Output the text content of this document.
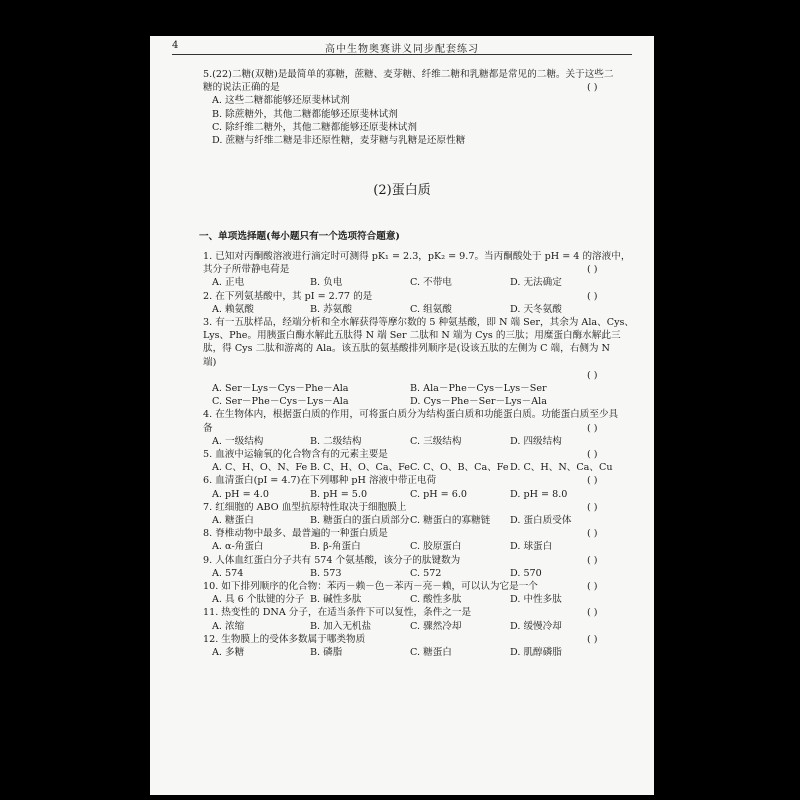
4	高中生物奥赛讲义同步配套练习
5.(22)二糖(双糖)是最简单的寡糖，蔗糖、麦芽糖、纤维二糖和乳糖都是常见的二糖。关于这些二
糖的说法正确的是	( )
A. 这些二糖都能够还原斐林试剂
B. 除蔗糖外，其他二糖都能够还原斐林试剂
C. 除纤维二糖外，其他二糖都能够还原斐林试剂
D. 蔗糖与纤维二糖是非还原性糖，麦芽糖与乳糖是还原性糖
(2)蛋白质
一、单项选择题(每小题只有一个选项符合题意)
1. 已知对丙酮酸溶液进行滴定时可测得 pK₁ = 2.3，pK₂ = 9.7。当丙酮酸处于 pH = 4 的溶液中，
其分子所带静电荷是	( )
A. 正电	B. 负电	C. 不带电	D. 无法确定
2. 在下列氨基酸中，其 pI = 2.77 的是	( )
A. 赖氨酸	B. 苏氨酸	C. 组氨酸	D. 天冬氨酸
3. 有一五肽样品，经端分析和全水解获得等摩尔数的 5 种氨基酸，即 N 端 Ser，其余为 Ala、Cys、
Lys、Phe。用胰蛋白酶水解此五肽得 N 端 Ser 二肽和 N 端为 Cys 的三肽；用糜蛋白酶水解此三
肽，得 Cys 二肽和游离的 Ala。该五肽的氨基酸排列顺序是(设该五肽的左侧为 C 端，右侧为 N
端)
( )
A. Ser－Lys－Cys－Phe－Ala	B. Ala－Phe－Cys－Lys－Ser
C. Ser－Phe－Cys－Lys－Ala	D. Cys－Phe－Ser－Lys－Ala
4. 在生物体内，根据蛋白质的作用，可将蛋白质分为结构蛋白质和功能蛋白质。功能蛋白质至少具
备	( )
A. 一级结构	B. 二级结构	C. 三级结构	D. 四级结构
5. 血液中运输氧的化合物含有的元素主要是	( )
A. C、H、O、N、Fe B. C、H、O、Ca、Fe C. C、O、B、Ca、Fe D. C、H、N、Ca、Cu
6. 血清蛋白(pI = 4.7)在下列哪种 pH 溶液中带正电荷	( )
A. pH = 4.0	B. pH = 5.0	C. pH = 6.0	D. pH = 8.0
7. 红细胞的 ABO 血型抗原特性取决于细胞膜上	( )
A. 糖蛋白	B. 糖蛋白的蛋白质部分 C. 糖蛋白的寡糖链 D. 蛋白质受体
8. 脊椎动物中最多、最普遍的一种蛋白质是	( )
A. α-角蛋白	B. β-角蛋白	C. 胶原蛋白	D. 球蛋白
9. 人体血红蛋白分子共有 574 个氨基酸，该分子的肽键数为	( )
A. 574	B. 573	C. 572	D. 570
10. 如下排列顺序的化合物：苯丙－赖－色－苯丙－亮－赖，可以认为它是一个	( )
A. 具 6 个肽键的分子 B. 碱性多肽	C. 酸性多肽	D. 中性多肽
11. 热变性的 DNA 分子，在适当条件下可以复性，条件之一是	( )
A. 浓缩	B. 加入无机盐	C. 骤然冷却	D. 缓慢冷却
12. 生物膜上的受体多数属于哪类物质	( )
A. 多糖	B. 磷脂	C. 糖蛋白	D. 肌醇磷脂
